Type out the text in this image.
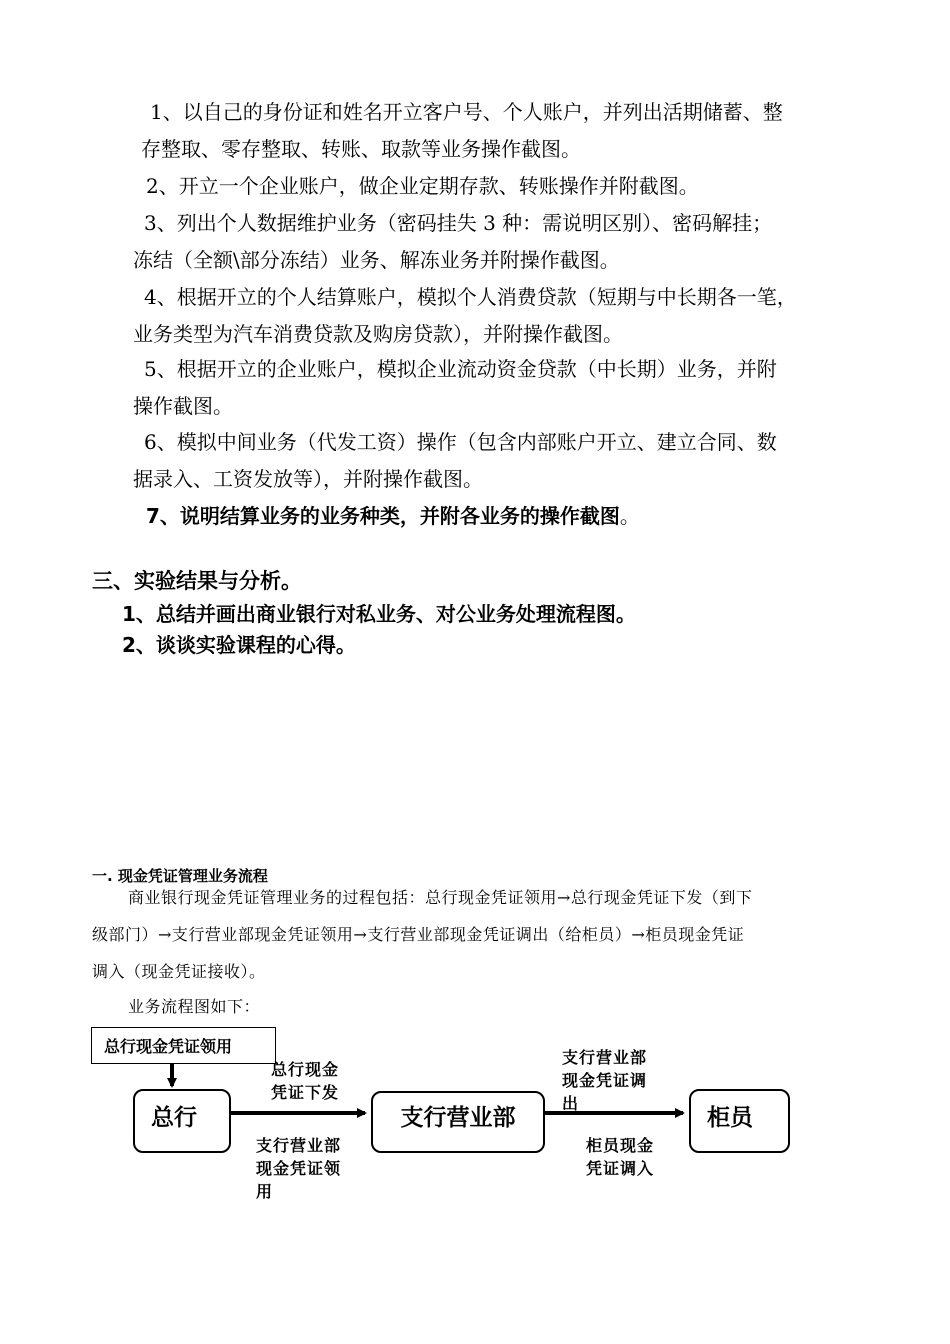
1、以自己的身份证和姓名开立客户号、个人账户，并列出活期储蓄、整
存整取、零存整取、转账、取款等业务操作截图。
2、开立一个企业账户，做企业定期存款、转账操作并附截图。
3、列出个人数据维护业务（密码挂失 3 种：需说明区别）、密码解挂；
冻结（全额\部分冻结）业务、解冻业务并附操作截图。
4、根据开立的个人结算账户，模拟个人消费贷款（短期与中长期各一笔，
业务类型为汽车消费贷款及购房贷款），并附操作截图。
5、根据开立的企业账户，模拟企业流动资金贷款（中长期）业务，并附
操作截图。
6、模拟中间业务（代发工资）操作（包含内部账户开立、建立合同、数
据录入、工资发放等），并附操作截图。
7、说明结算业务的业务种类，并附各业务的操作截图。
三、实验结果与分析。
1、总结并画出商业银行对私业务、对公业务处理流程图。
2、谈谈实验课程的心得。
一. 现金凭证管理业务流程
商业银行现金凭证管理业务的过程包括：总行现金凭证领用→总行现金凭证下发（到下
级部门）→支行营业部现金凭证领用→支行营业部现金凭证调出（给柜员）→柜员现金凭证
调入（现金凭证接收）。
业务流程图如下：
总行现金凭证领用
总行	支行营业部	柜员
总行现金
凭证下发
支行营业部
现金凭证领
用
支行营业部
现金凭证调
出
柜员现金
凭证调入
